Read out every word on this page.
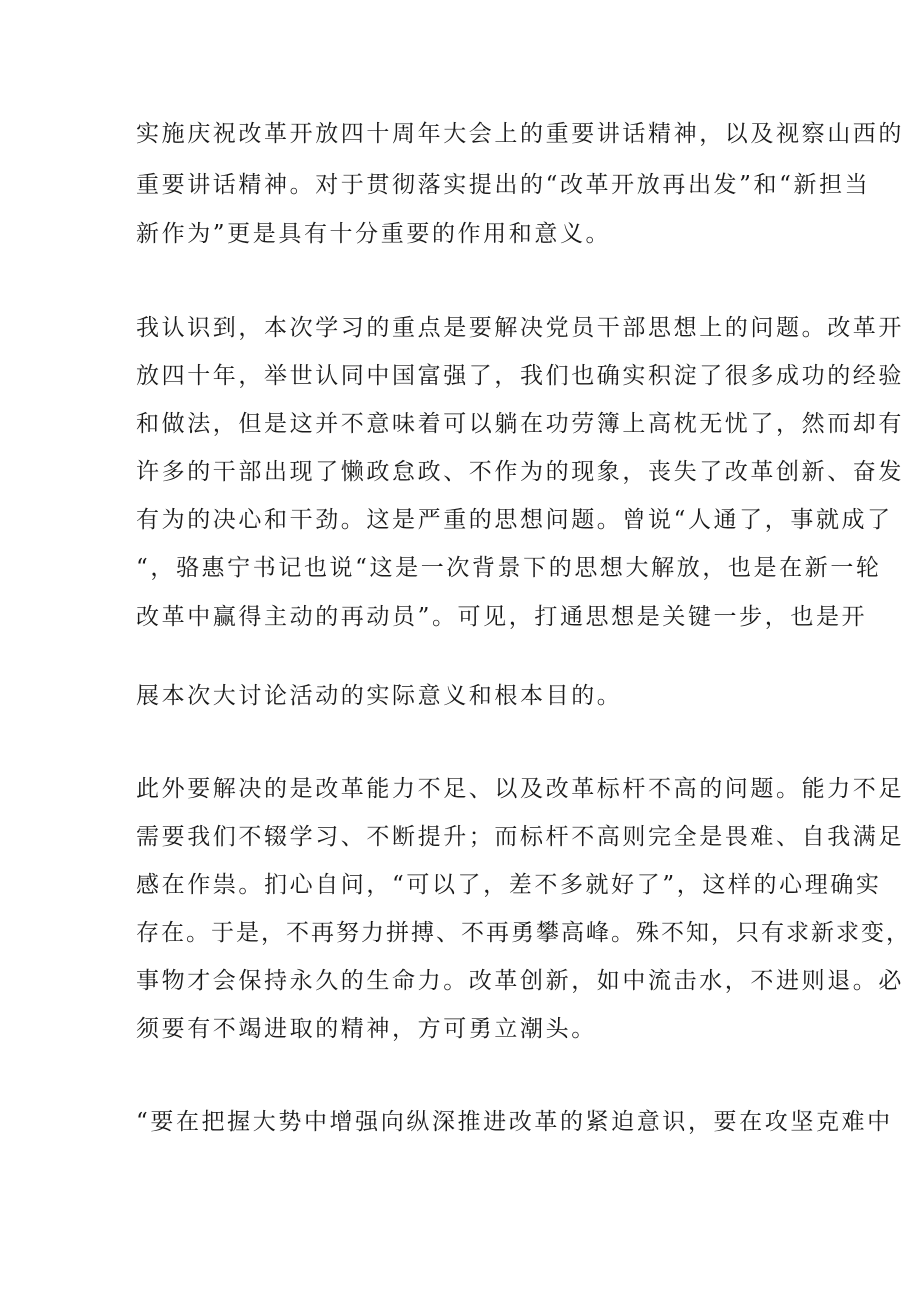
实施庆祝改革开放四十周年大会上的重要讲话精神，以及视察山西的

重要讲话精神。对于贯彻落实提出的“改革开放再出发”和“新担当

新作为”更是具有十分重要的作用和意义。

我认识到，本次学习的重点是要解决党员干部思想上的问题。改革开

放四十年，举世认同中国富强了，我们也确实积淀了很多成功的经验

和做法，但是这并不意味着可以躺在功劳簿上高枕无忧了，然而却有

许多的干部出现了懒政怠政、不作为的现象，丧失了改革创新、奋发

有为的决心和干劲。这是严重的思想问题。曾说“人通了，事就成了

“，骆惠宁书记也说“这是一次背景下的思想大解放，也是在新一轮

改革中赢得主动的再动员”。可见，打通思想是关键一步，也是开

展本次大讨论活动的实际意义和根本目的。

此外要解决的是改革能力不足、以及改革标杆不高的问题。能力不足

需要我们不辍学习、不断提升；而标杆不高则完全是畏难、自我满足

感在作祟。扪心自问，“可以了，差不多就好了”，这样的心理确实

存在。于是，不再努力拼搏、不再勇攀高峰。殊不知，只有求新求变，

事物才会保持永久的生命力。改革创新，如中流击水，不进则退。必

须要有不竭进取的精神，方可勇立潮头。

“要在把握大势中增强向纵深推进改革的紧迫意识，要在攻坚克难中
